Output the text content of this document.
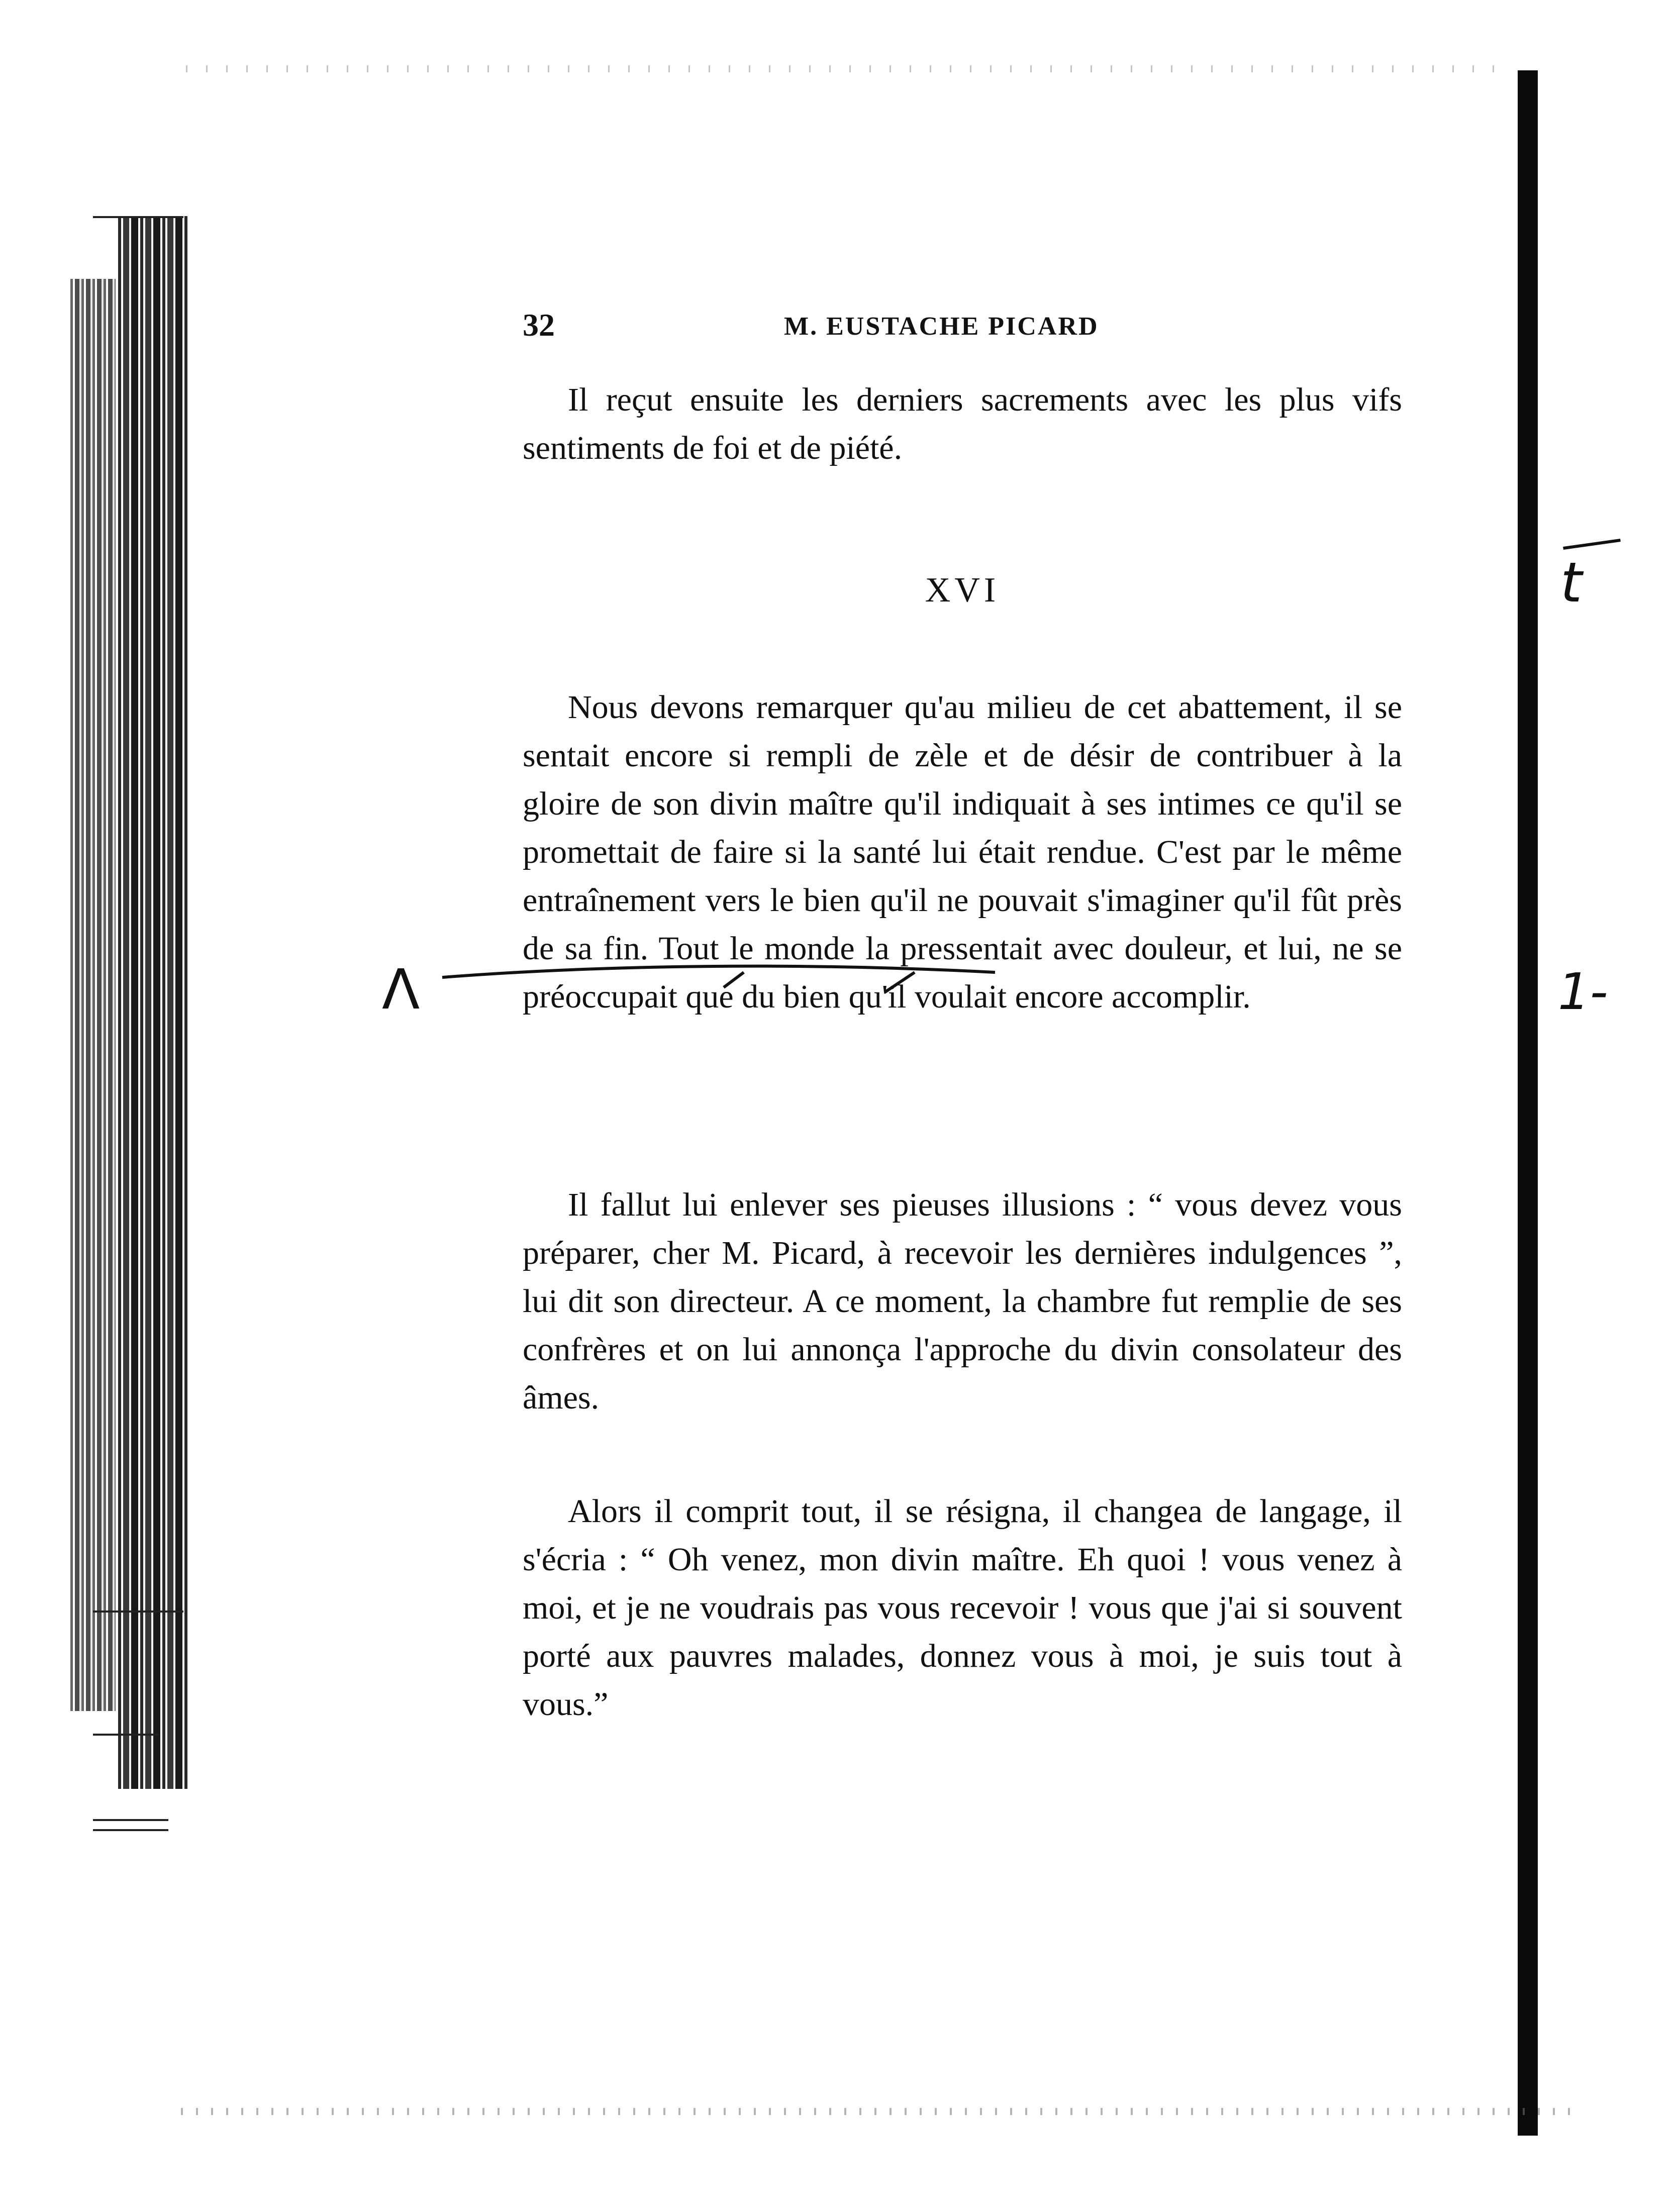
32	M. EUSTACHE PICARD

Il reçut ensuite les derniers sacrements avec les plus vifs sentiments de foi et de piété.

XVI

Nous devons remarquer qu'au milieu de cet abattement, il se sentait encore si rempli de zèle et de désir de contribuer à la gloire de son divin maître qu'il indiquait à ses intimes ce qu'il se promettait de faire si la santé lui était rendue. C'est par le même entraînement vers le bien qu'il ne pouvait s'imaginer qu'il fût près de sa fin. Tout le monde la pressentait avec douleur, et lui, ne se préoccupait que du bien qu'il voulait encore accomplir.

Il fallut lui enlever ses pieuses illusions : “ vous devez vous préparer, cher M. Picard, à recevoir les dernières indulgences ”, lui dit son directeur. A ce moment, la chambre fut remplie de ses confrères et on lui annonça l'approche du divin consolateur des âmes.

Alors il comprit tout, il se résigna, il changea de langage, il s'écria : “ Oh venez, mon divin maître. Eh quoi ! vous venez à moi, et je ne voudrais pas vous recevoir ! vous que j'ai si souvent porté aux pauvres malades, donnez vous à moi, je suis tout à vous.”

t
Λ	1-
